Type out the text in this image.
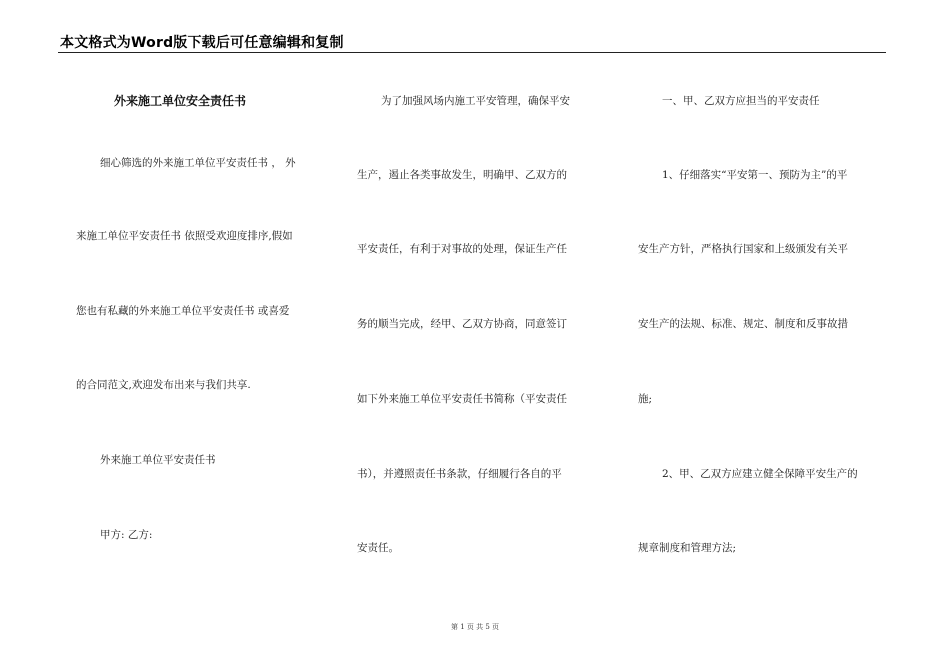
本文格式为Word版下载后可任意编辑和复制
外来施工单位安全责任书
细心筛选的外来施工单位平安责任书 ， 外
来施工单位平安责任书 依照受欢迎度排序,假如
您也有私藏的外来施工单位平安责任书 或喜爱
的合同范文,欢迎发布出来与我们共享.
外来施工单位平安责任书
甲方: 乙方:
为了加强风场内施工平安管理，确保平安
生产，遏止各类事故发生，明确甲、乙双方的
平安责任，有利于对事故的处理，保证生产任
务的顺当完成，经甲、乙双方协商，同意签订
如下外来施工单位平安责任书简称（平安责任
书），并遵照责任书条款，仔细履行各自的平
安责任。
一、甲、乙双方应担当的平安责任
1、仔细落实“平安第一、预防为主”的平
安生产方针，严格执行国家和上级颁发有关平
安生产的法规、标准、规定、制度和反事故措
施;
2、甲、乙双方应建立健全保障平安生产的
规章制度和管理方法;
第 1 页 共 5 页
